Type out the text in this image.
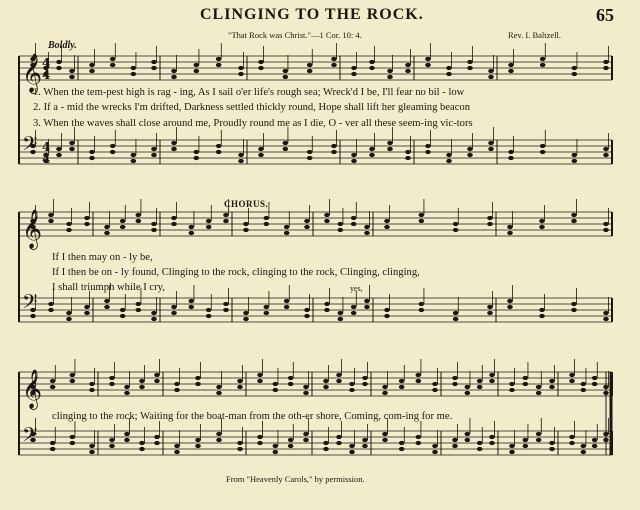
𝄞
𝄢
𝄞
𝄢
𝄞
𝄢
4
4
4
4
CLINGING TO THE ROCK.	65
"That Rock was Christ."—1 Cor. 10: 4.	Rev. I. Baltzell.
Boldly.
1. When the tem-pest high is rag - ing, As I sail o'er life's rough sea; Wreck'd I be, I'll fear no bil - low
2. If a - mid the wrecks I'm drifted, Darkness settled thickly round, Hope shall lift her gleaming beacon
3. When the waves shall close around me, Proudly round me as I die, O - ver all these seem-ing vic-tors
CHORUS.
If I then may on - ly be,
If I then be on - ly found, Clinging to the rock, clinging to the rock, Clinging, clinging,
I shall triumph while I cry,	yes,
clinging to the rock; Waiting for the boat-man from the oth-er shore, Coming, com-ing for me.
From "Heavenly Carols," by permission.
